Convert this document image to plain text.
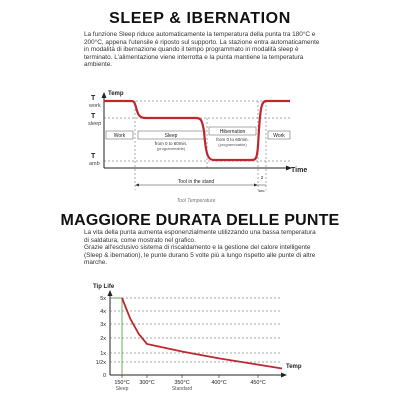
SLEEP & IBERNATION

La funzione Sleep riduce automaticamente la temperatura della punta tra 180°C e 200°C, appena l'utensile è riposto sul supporto. La stazione entra automaticamente in modalità di ibernazione quando il tempo programmato in modalità sleep è terminato. L'alimentazione viene interrotta e la punta mantiene la temperatura ambiente.

Temp
Time
T
work
T
sleep
T
amb
Work	Sleep
from 0 to 60min.
(programmable)
Hibernation
from 0 to 60min.
(programmable)
Work
Tool in the stand
2
sec.
Tool Temperature
MAGGIORE DURATA DELLE PUNTE

La vita della punta aumenta esponenzialmente utilizzando una bassa temperatura di saldatura, come mostrato nel grafico.

Grazie all'esclusivo sistema di riscaldamento e la gestione del calore intelligente (Sleep & ibernation), le punte durano 5 volte più a lungo rispetto alle punte di altre marche.

Tip Life
Temp
5x
4x
3x
2x
1x
1/2x
0
150°C
Sleep
300°C	350°C
Standard
400°C	450°C
